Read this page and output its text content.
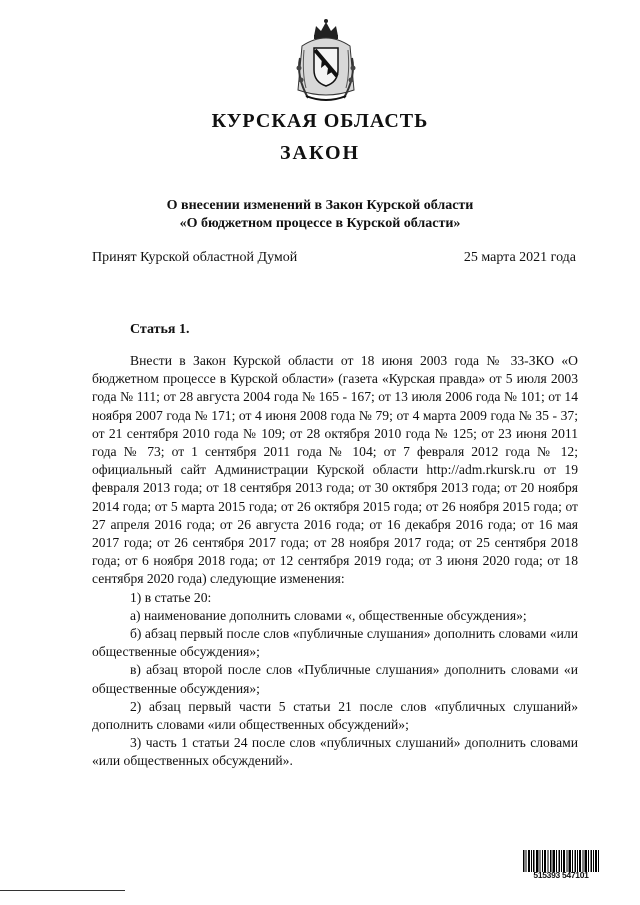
КУРСКАЯ ОБЛАСТЬ
ЗАКОН
О внесении изменений в Закон Курской области
«О бюджетном процессе в Курской области»
Принят Курской областной Думой	25 марта 2021 года
Статья 1.

Внести в Закон Курской области от 18 июня 2003 года № 33-ЗКО «О бюджетном процессе в Курской области» (газета «Курская правда» от 5 июля 2003 года № 111; от 28 августа 2004 года № 165 - 167; от 13 июля 2006 года № 101; от 14 ноября 2007 года № 171; от 4 июня 2008 года № 79; от 4 марта 2009 года № 35 - 37; от 21 сентября 2010 года № 109; от 28 октября 2010 года № 125; от 23 июня 2011 года № 73; от 1 сентября 2011 года № 104; от 7 февраля 2012 года № 12; официальный сайт Администрации Курской области http://adm.rkursk.ru от 19 февраля 2013 года; от 18 сентября 2013 года; от 30 октября 2013 года; от 20 ноября 2014 года; от 5 марта 2015 года; от 26 октября 2015 года; от 26 ноября 2015 года; от 27 апреля 2016 года; от 26 августа 2016 года; от 16 декабря 2016 года; от 16 мая 2017 года; от 26 сентября 2017 года; от 28 ноября 2017 года; от 25 сентября 2018 года; от 6 ноября 2018 года; от 12 сентября 2019 года; от 3 июня 2020 года; от 18 сентября 2020 года) следующие изменения:

1) в статье 20:

а) наименование дополнить словами «, общественные обсуждения»;

б) абзац первый после слов «публичные слушания» дополнить словами «или общественные обсуждения»;

в) абзац второй после слов «Публичные слушания» дополнить словами «и общественные обсуждения»;

2) абзац первый части 5 статьи 21 после слов «публичных слушаний» дополнить словами «или общественных обсуждений»;

3) часть 1 статьи 24 после слов «публичных слушаний» дополнить словами «или общественных обсуждений».

515393 547101
